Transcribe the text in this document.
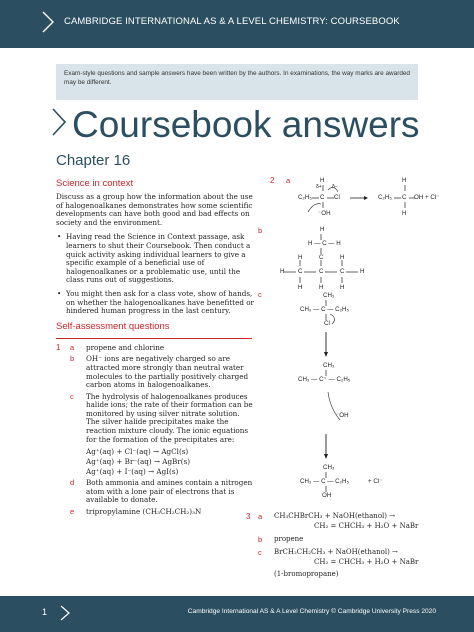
CAMBRIDGE INTERNATIONAL AS & A LEVEL CHEMISTRY: COURSEBOOK
Exam-style questions and sample answers have been written by the authors. In examinations, the way marks are awarded may be different.
Coursebook answers
Chapter 16
Science in context
Discuss as a group how the information about the use of halogenoalkanes demonstrates how some scientific developments can have both good and bad effects on society and the environment.
• Having read the Science in Context passage, ask learners to shut their Coursebook. Then conduct a quick activity asking individual learners to give a specific example of a beneficial use of halogenoalkanes or a problematic use, until the class runs out of suggestions.
• You might then ask for a class vote, show of hands, on whether the halogenoalkanes have benefitted or hindered human progress in the last century.
Self-assessment questions
1 a propene and chlorine
b OH⁻ ions are negatively charged so are attracted more strongly than neutral water molecules to the partially positively charged carbon atoms in halogenoalkanes.
c The hydrolysis of halogenoalkanes produces halide ions; the rate of their formation can be monitored by using silver nitrate solution. The silver halide precipitates make the reaction mixture cloudy. The ionic equations for the formation of the precipitates are:
Ag⁺(aq) + Cl⁻(aq) → AgCl(s)
Ag⁺(aq) + Br⁻(aq) → AgBr(s)
Ag⁺(aq) + I⁻(aq) → AgI(s)
d Both ammonia and amines contain a nitrogen atom with a lone pair of electrons that is available to donate.
e tripropylamine (CH₃CH₂CH₂)₃N
2 a	H
δ+ δ−
C₂H₅ C Cl
⁻OH
H
C₂H₅ C OH + Cl⁻
H
b	H
H — C — H
H	C	H
H C	C	C	H
H	H	H
c	CH₃
CH₃ — C — C₂H₅
Cl
CH₃
CH₃ — C⁺ — C₂H₅
⁻OH
CH₃
CH₃ — C — C₂H₅	+ Cl⁻
OH
3 a CH₃CHBrCH₃ + NaOH(ethanol) →
CH₂ = CHCH₃ + H₂O + NaBr
b propene
c BrCH₂CH₂CH₃ + NaOH(ethanol) →
CH₂ = CHCH₃ + H₂O + NaBr
(1-bromopropane)
1	Cambridge International AS & A Level Chemistry © Cambridge University Press 2020
